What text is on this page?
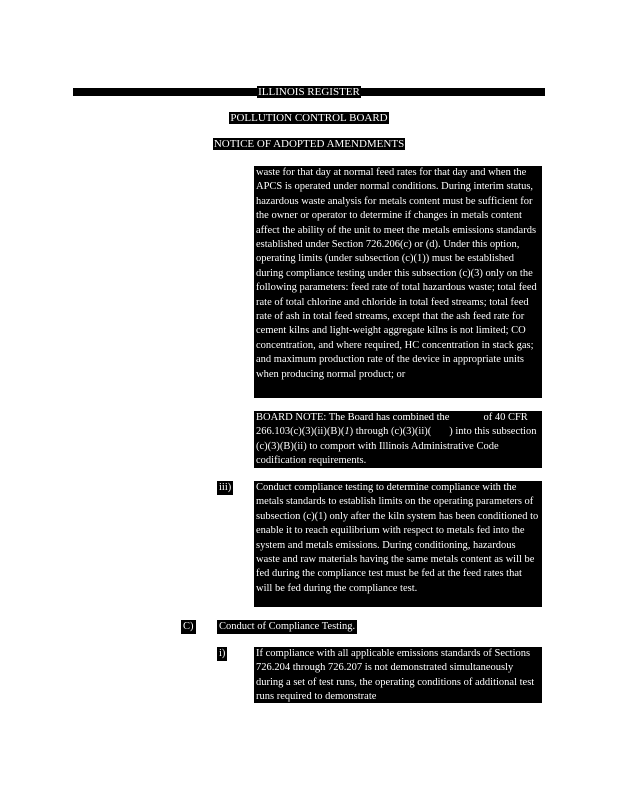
ILLINOIS REGISTER
POLLUTION CONTROL BOARD
NOTICE OF ADOPTED AMENDMENTS
waste for that day at normal feed rates for that day and when the APCS is operated under normal conditions. During interim status, hazardous waste analysis for metals content must be sufficient for the owner or operator to determine if changes in metals content affect the ability of the unit to meet the metals emissions standards established under Section 726.206(c) or (d). Under this option, operating limits (under subsection (c)(1)) must be established during compliance testing under this subsection (c)(3) only on the following parameters: feed rate of total hazardous waste; total feed rate of total chlorine and chloride in total feed streams; total feed rate of ash in total feed streams, except that the ash feed rate for cement kilns and light-weight aggregate kilns is not limited; CO concentration, and where required, HC concentration in stack gas; and maximum production rate of the device in appropriate units when producing normal product; or
BOARD NOTE: The Board has combined the	of 40 CFR 266.103(c)(3)(ii)(B)(1) through (c)(3)(ii)( ) into this subsection (c)(3)(B)(ii) to comport with Illinois Administrative Code codification requirements.
iii) Conduct compliance testing to determine compliance with the metals standards to establish limits on the operating parameters of subsection (c)(1) only after the kiln system has been conditioned to enable it to reach equilibrium with respect to metals fed into the system and metals emissions. During conditioning, hazardous waste and raw materials having the same metals content as will be fed during the compliance test must be fed at the feed rates that will be fed during the compliance test.
C) Conduct of Compliance Testing.
i)	If compliance with all applicable emissions standards of Sections 726.204 through 726.207 is not demonstrated simultaneously during a set of test runs, the operating conditions of additional test runs required to demonstrate
